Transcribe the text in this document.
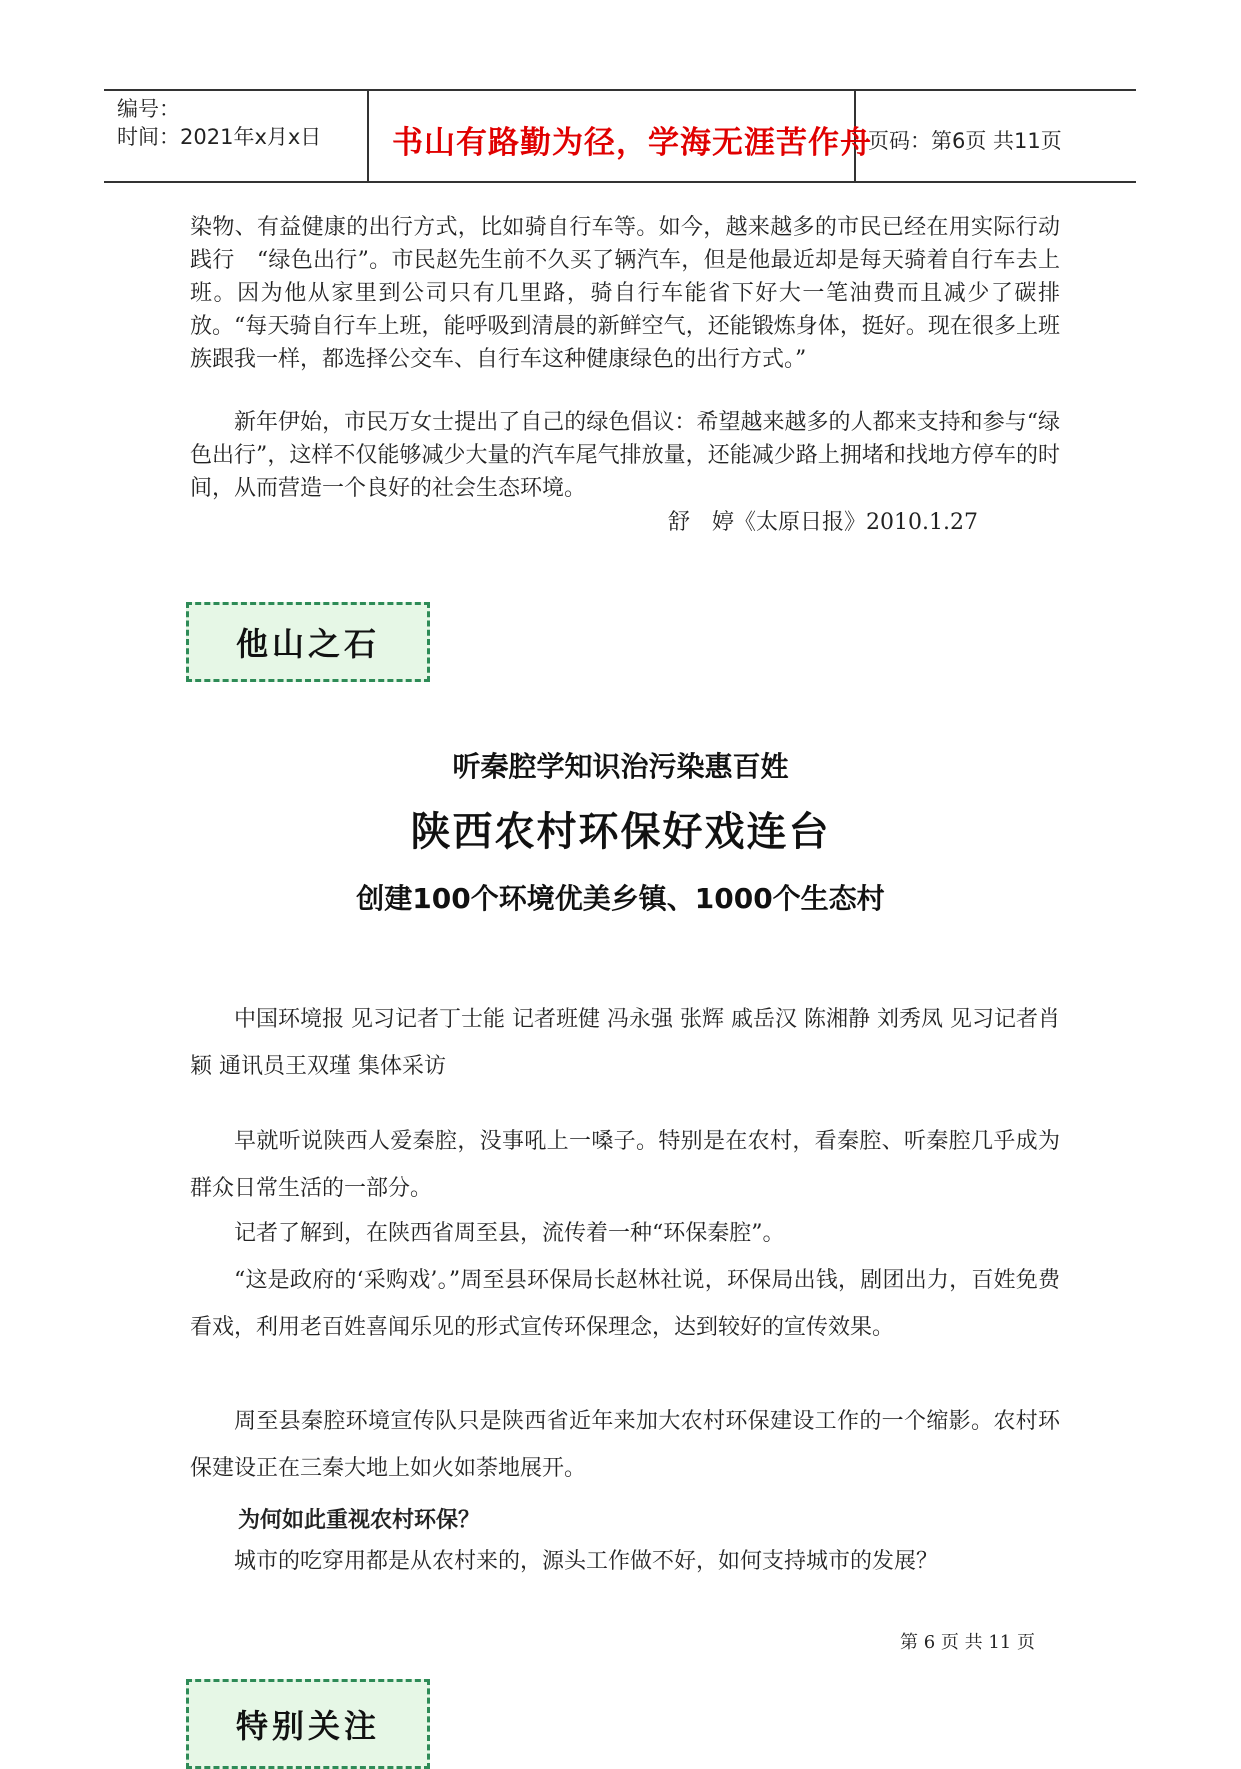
编号：
时间：2021年x月x日 书山有路勤为径，学海无涯苦作舟
页码：第6页 共11页

染物、有益健康的出行方式，比如骑自行车等。如今，越来越多的市民已经在用实际行动践行　“绿色出行”。市民赵先生前不久买了辆汽车，但是他最近却是每天骑着自行车去上班。因为他从家里到公司只有几里路，骑自行车能省下好大一笔油费而且减少了碳排放。“每天骑自行车上班，能呼吸到清晨的新鲜空气，还能锻炼身体，挺好。现在很多上班族跟我一样，都选择公交车、自行车这种健康绿色的出行方式。”

新年伊始，市民万女士提出了自己的绿色倡议：希望越来越多的人都来支持和参与“绿色出行”，这样不仅能够减少大量的汽车尾气排放量，还能减少路上拥堵和找地方停车的时间，从而营造一个良好的社会生态环境。

舒　婷《太原日报》2010.1.27
他山之石
听秦腔学知识治污染惠百姓
陕西农村环保好戏连台
创建100个环境优美乡镇、1000个生态村

中国环境报 见习记者丁士能 记者班健 冯永强 张辉 戚岳汉 陈湘静 刘秀凤 见习记者肖颖 通讯员王双瑾 集体采访

早就听说陕西人爱秦腔，没事吼上一嗓子。特别是在农村，看秦腔、听秦腔几乎成为群众日常生活的一部分。

记者了解到，在陕西省周至县，流传着一种“环保秦腔”。

“这是政府的‘采购戏’。”周至县环保局长赵林社说，环保局出钱，剧团出力，百姓免费看戏，利用老百姓喜闻乐见的形式宣传环保理念，达到较好的宣传效果。

周至县秦腔环境宣传队只是陕西省近年来加大农村环保建设工作的一个缩影。农村环保建设正在三秦大地上如火如荼地展开。

为何如此重视农村环保？

城市的吃穿用都是从农村来的，源头工作做不好，如何支持城市的发展？

第 6 页 共 11 页
特别关注
